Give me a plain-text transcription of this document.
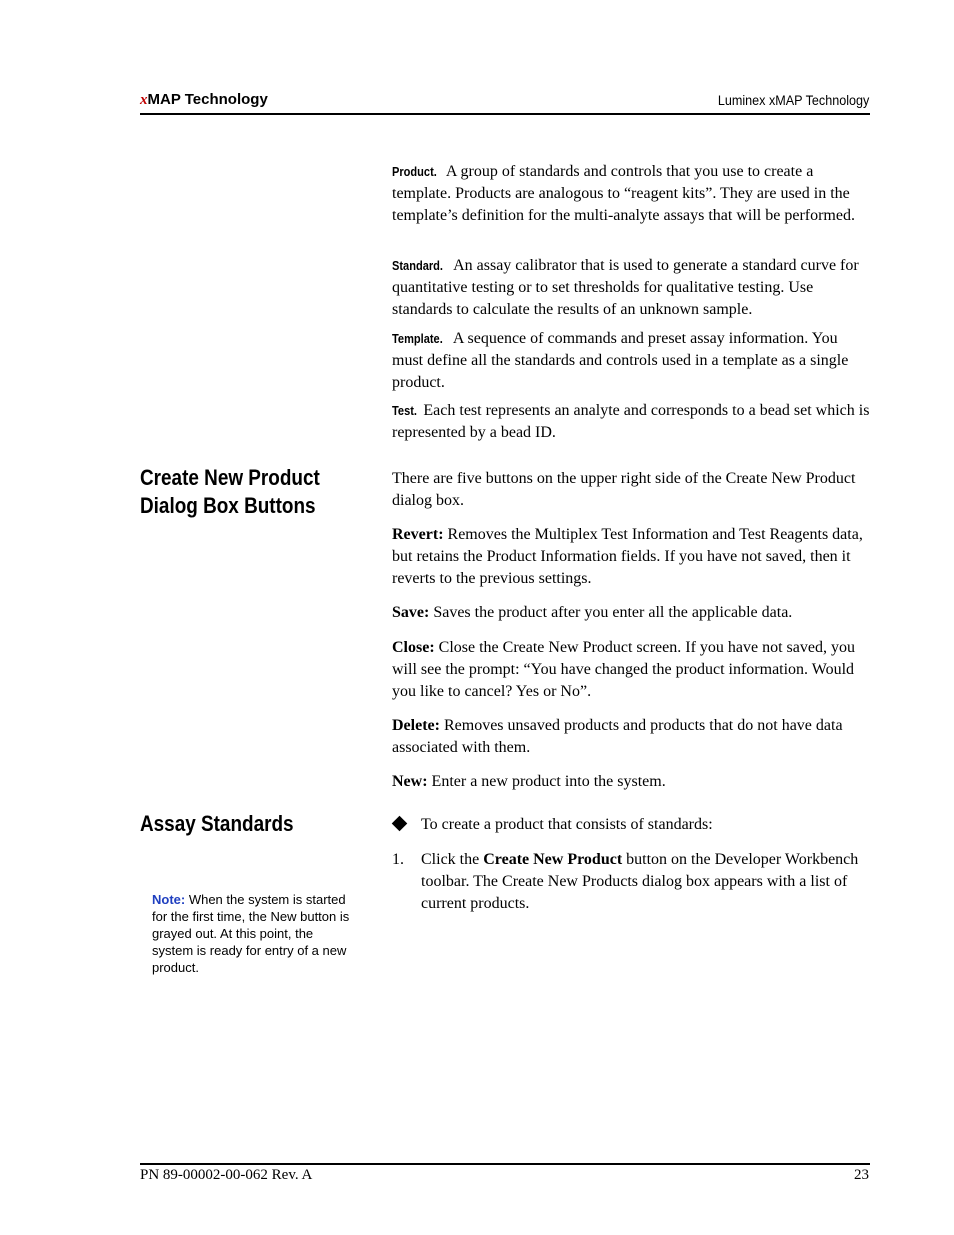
xMAP Technology	Luminex xMAP Technology
Product. A group of standards and controls that you use to create a template. Products are analogous to “reagent kits”. They are used in the template’s definition for the multi-analyte assays that will be performed.
Standard. An assay calibrator that is used to generate a standard curve for quantitative testing or to set thresholds for qualitative testing. Use standards to calculate the results of an unknown sample.
Template. A sequence of commands and preset assay information. You must define all the standards and controls used in a template as a single product.
Test. Each test represents an analyte and corresponds to a bead set which is represented by a bead ID.
Create New Product
Dialog Box Buttons
There are five buttons on the upper right side of the Create New Product dialog box.
Revert: Removes the Multiplex Test Information and Test Reagents data, but retains the Product Information fields. If you have not saved, then it reverts to the previous settings.
Save: Saves the product after you enter all the applicable data.
Close: Close the Create New Product screen. If you have not saved, you will see the prompt: “You have changed the product information. Would you like to cancel? Yes or No”.
Delete: Removes unsaved products and products that do not have data associated with them.
New: Enter a new product into the system.
Assay Standards	To create a product that consists of standards:
1. Click the Create New Product button on the Developer Workbench toolbar. The Create New Products dialog box appears with a list of current products.
Note: When the system is started for the first time, the New button is grayed out. At this point, the system is ready for entry of a new product.
PN 89-00002-00-062 Rev. A	23
